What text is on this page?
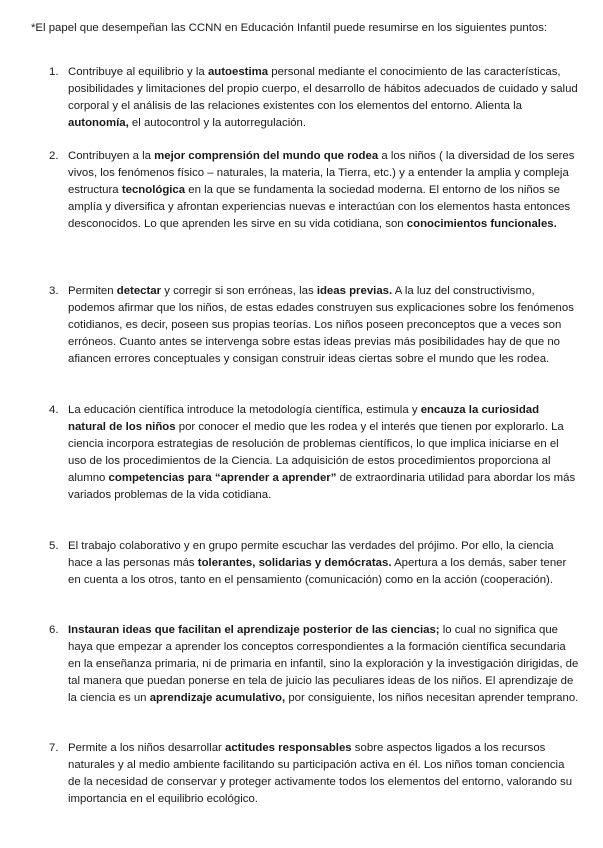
*El papel que desempeñan las CCNN en Educación Infantil puede resumirse en los siguientes puntos:

1. Contribuye al equilibrio y la autoestima personal mediante el conocimiento de las características, posibilidades y limitaciones del propio cuerpo, el desarrollo de hábitos adecuados de cuidado y salud corporal y el análisis de las relaciones existentes con los elementos del entorno. Alienta la autonomía, el autocontrol y la autorregulación.
2. Contribuyen a la mejor comprensión del mundo que rodea a los niños ( la diversidad de los seres vivos, los fenómenos físico – naturales, la materia, la Tierra, etc.) y a entender la amplia y compleja estructura tecnológica en la que se fundamenta la sociedad moderna. El entorno de los niños se amplía y diversifica y afrontan experiencias nuevas e interactúan con los elementos hasta entonces desconocidos. Lo que aprenden les sirve en su vida cotidiana, son conocimientos funcionales.
3. Permiten detectar y corregir si son erróneas, las ideas previas. A la luz del constructivismo, podemos afirmar que los niños, de estas edades construyen sus explicaciones sobre los fenómenos cotidianos, es decir, poseen sus propias teorías. Los niños poseen preconceptos que a veces son erróneos. Cuanto antes se intervenga sobre estas ideas previas más posibilidades hay de que no afiancen errores conceptuales y consigan construir ideas ciertas sobre el mundo que les rodea.
4. La educación científica introduce la metodología científica, estimula y encauza la curiosidad natural de los niños por conocer el medio que les rodea y el interés que tienen por explorarlo. La ciencia incorpora estrategias de resolución de problemas científicos, lo que implica iniciarse en el uso de los procedimientos de la Ciencia. La adquisición de estos procedimientos proporciona al alumno competencias para “aprender a aprender” de extraordinaria utilidad para abordar los más variados problemas de la vida cotidiana.
5. El trabajo colaborativo y en grupo permite escuchar las verdades del prójimo. Por ello, la ciencia hace a las personas más tolerantes, solidarias y demócratas. Apertura a los demás, saber tener en cuenta a los otros, tanto en el pensamiento (comunicación) como en la acción (cooperación).
6. Instauran ideas que facilitan el aprendizaje posterior de las ciencias; lo cual no significa que haya que empezar a aprender los conceptos correspondientes a la formación científica secundaria en la enseñanza primaria, ni de primaria en infantil, sino la exploración y la investigación dirigidas, de tal manera que puedan ponerse en tela de juicio las peculiares ideas de los niños. El aprendizaje de la ciencia es un aprendizaje acumulativo, por consiguiente, los niños necesitan aprender temprano.
7. Permite a los niños desarrollar actitudes responsables sobre aspectos ligados a los recursos naturales y al medio ambiente facilitando su participación activa en él. Los niños toman conciencia de la necesidad de conservar y proteger activamente todos los elementos del entorno, valorando su importancia en el equilibrio ecológico.
